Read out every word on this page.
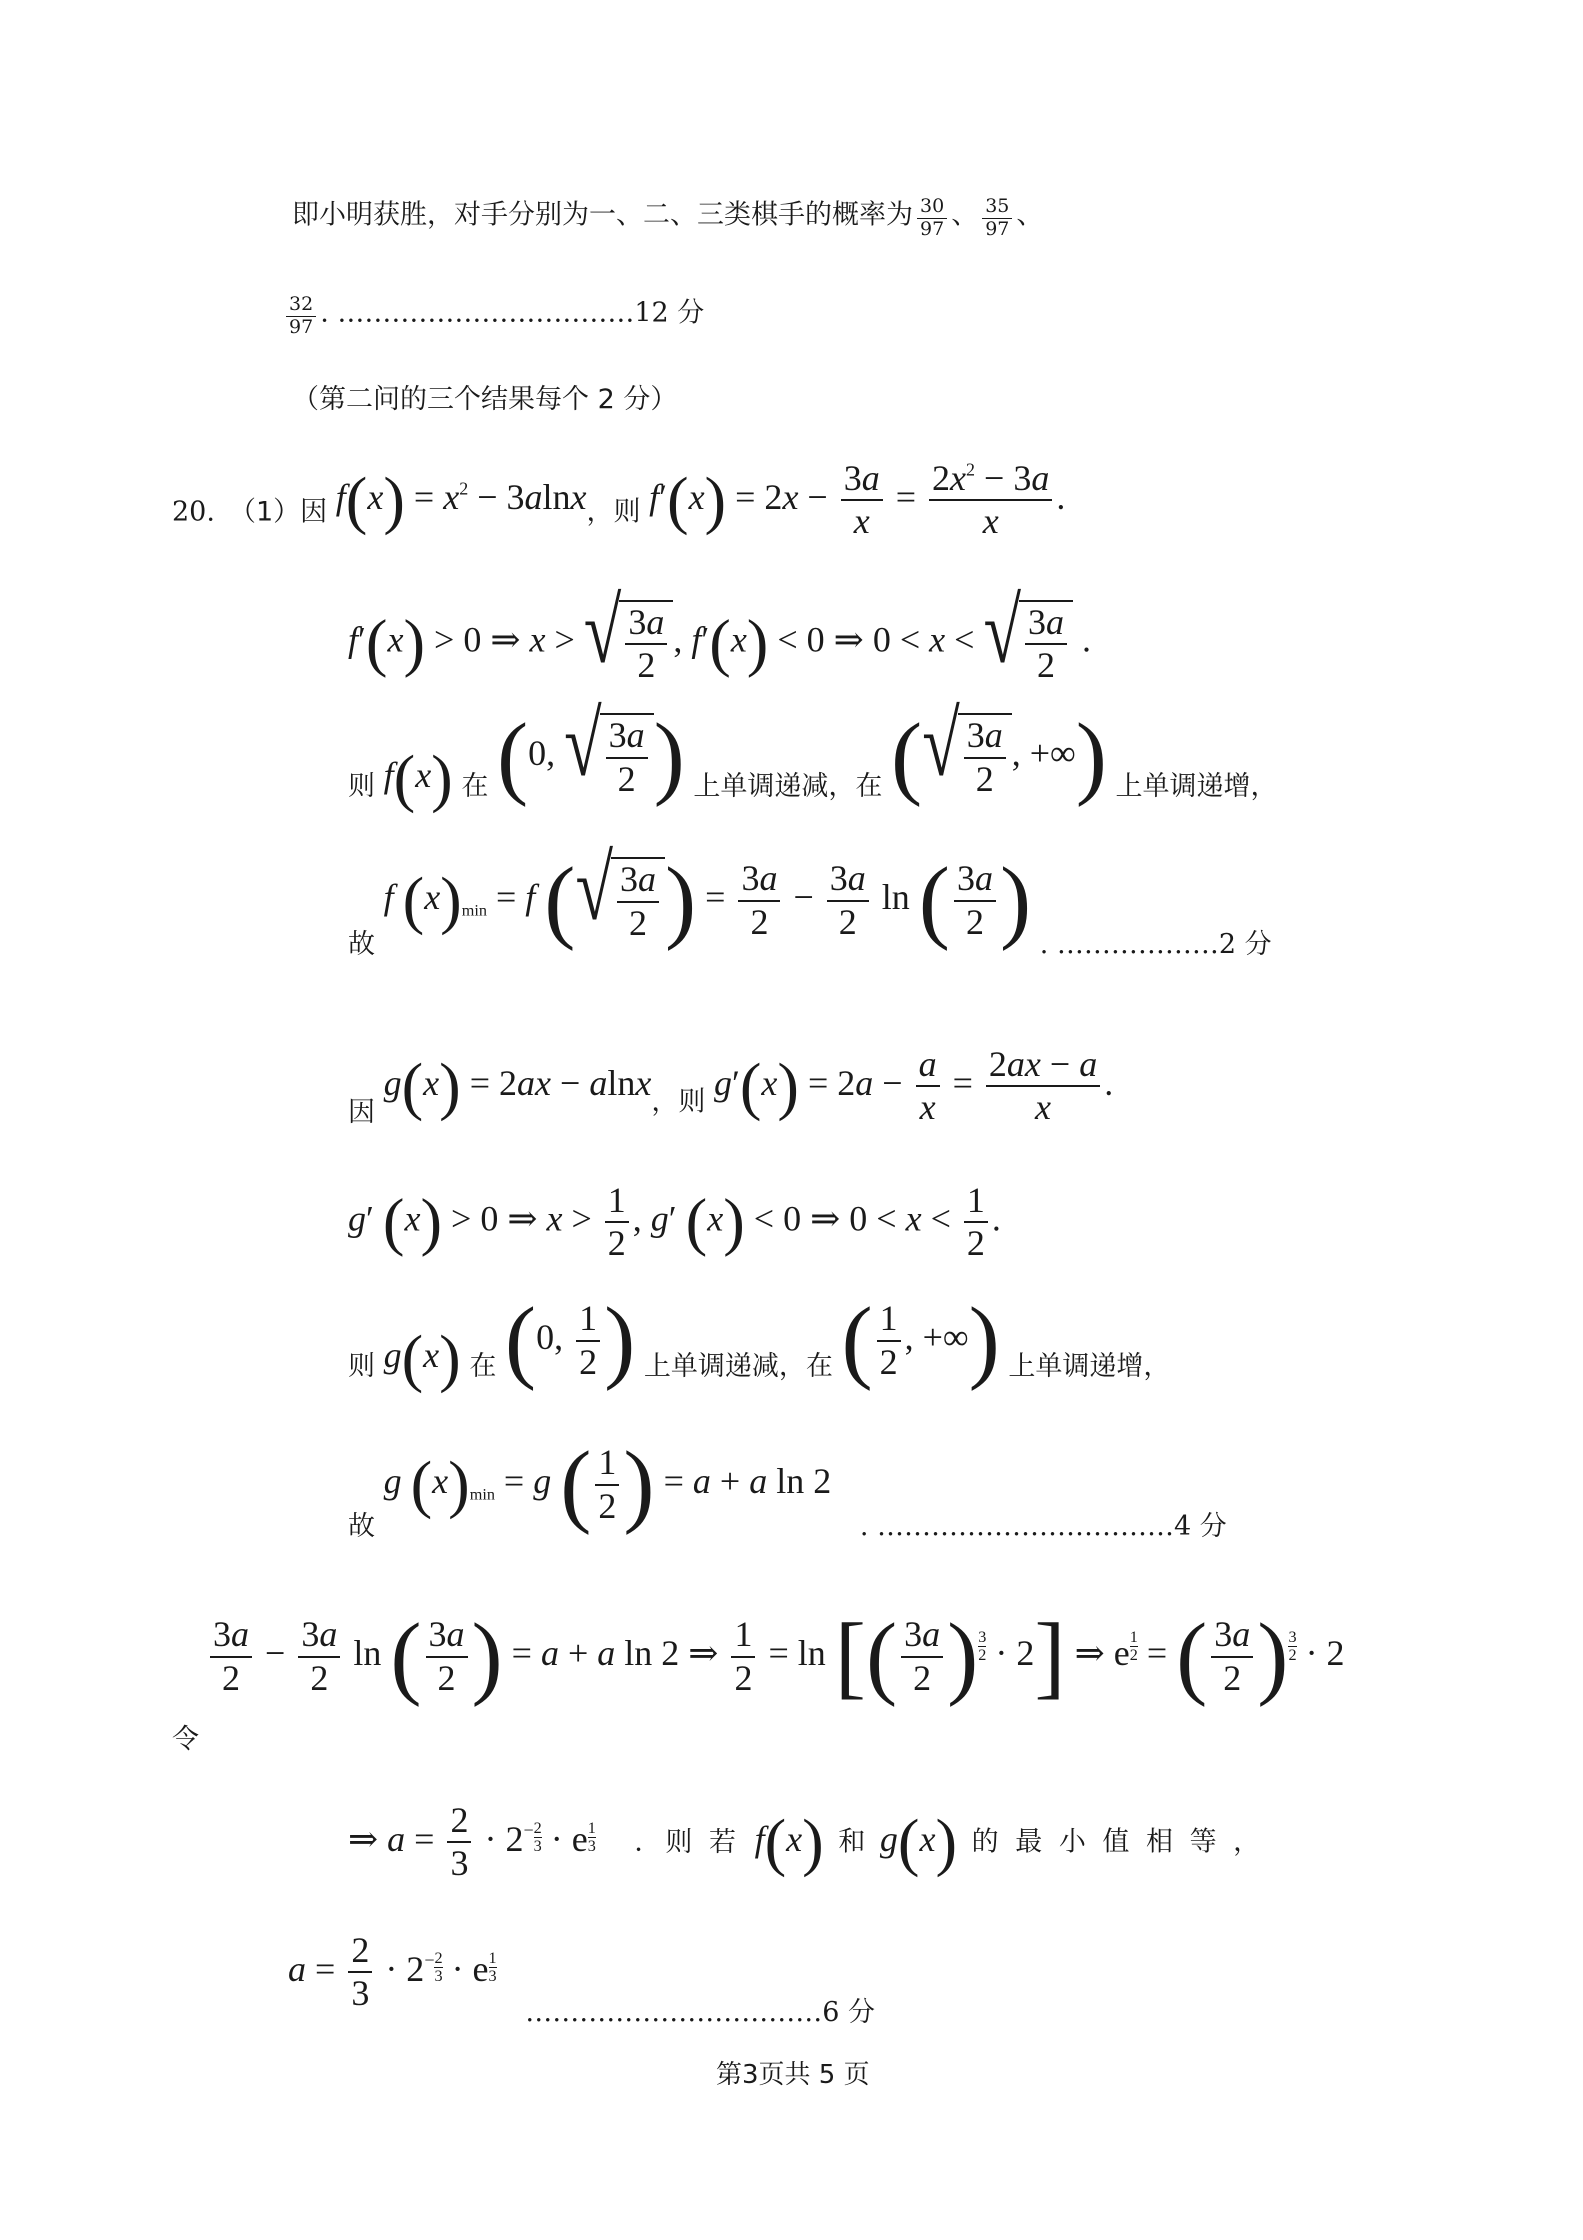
即小明获胜，对手分别为一、二、三类棋手的概率为 $\frac{30}{97}$ 、 $\frac{35}{97}$ 、
$\frac{32}{97}$ . ……………………………12 分
（第二问的三个结果每个 2 分）
20. （1）因 $f(x) = x^2 - 3alnx$，则 $f'(x) = 2x - \frac{3a}{x} = \frac{2x^2 - 3a}{x}$ .
f′(x) > 0 ⇒ x > √ $\frac{3a}{2}$ , f′(x) < 0 ⇒ 0 < x < √ $\frac{3a}{2}$ .
则 f(x) 在 (0, √ $\frac{3a}{2}$ ) 上单调递减，在 ( √ $\frac{3a}{2}$ , +∞) 上单调递增，
故 f $(x)_{min} = f$ ( √ $\frac{3a}{2}$ ) = $\frac{3a}{2} - \frac{3a}{2}$ ln ( $\frac{3a}{2}$ ) . ………………2 分
因 g(x) = 2ax − alnx，则 $g'(x) = 2a - \frac{a}{x} = \frac{2ax - a}{x}$ .
g′ (x) > 0 ⇒ $x > \frac{1}{2}$ , g′ (x) < 0 ⇒ $0 < x < \frac{1}{2}$ .
则 g(x) 在 (0, $\frac{1}{2}$ ) 上单调递减，在 ( $\frac{1}{2}$ , +∞) 上单调递增，
故 g $(x)_{min} = g$ ( $\frac{1}{2}$ ) = a + a ln 2 . ……………………………4 分
$\frac{3a}{2} - \frac{3a}{2}$ ln ( $\frac{3a}{2}$ ) = a + a ln 2 ⇒ $\frac{1}{2} = \ln$ [( $\frac{3a}{2}$ ) $\frac{3}{2} \cdot 2$] ⇒ e $\frac{1}{2}$ = ( $\frac{3a}{2}$ ) $\frac{3}{2} \cdot 2$
令
⇒ $a = \frac{2}{3} \cdot 2^{- \frac{2}{3}} \cdot e$ $^{\frac{1}{3}}$ ．则 若 f(x) 和 g(x) 的 最 小 值 相 等 ，
$a = \frac{2}{3} \cdot 2^{- \frac{2}{3}} \cdot e$ $^{\frac{1}{3}}$
……………………………6 分
第3页共 5 页
